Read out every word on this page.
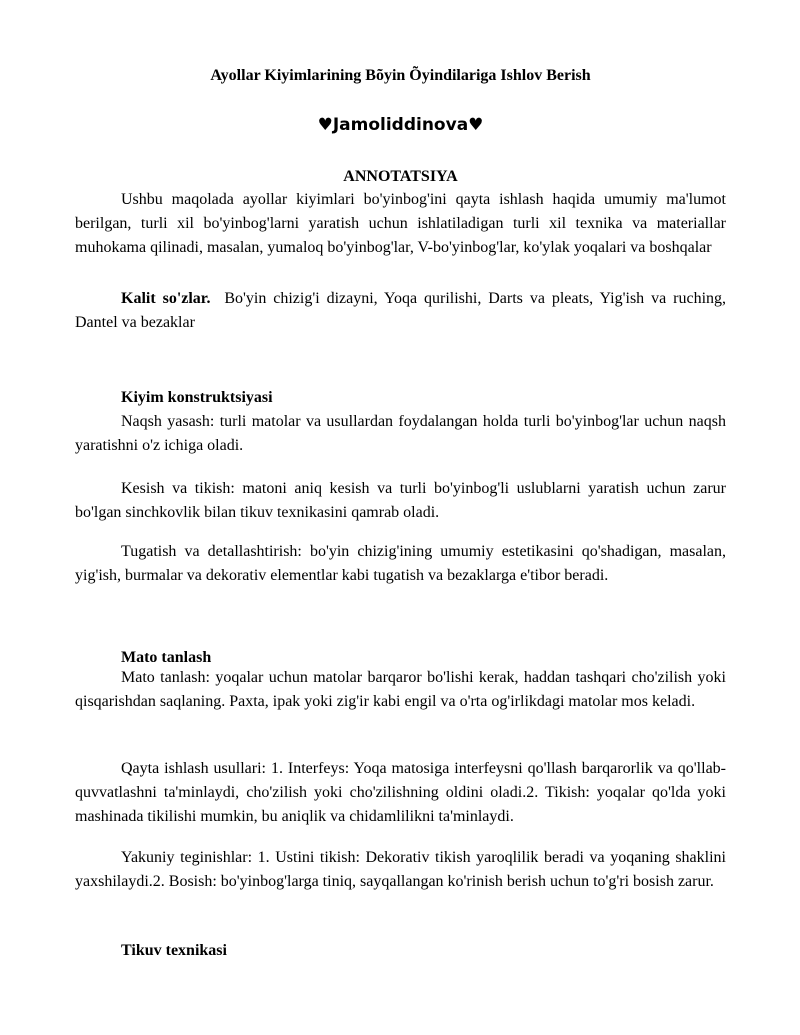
Ayollar Kiyimlarining Bõyin Õyindilariga Ishlov Berish
♥Jamoliddinova♥
ANNOTATSIYA

Ushbu maqolada ayollar kiyimlari bo'yinbog'ini qayta ishlash haqida umumiy ma'lumot berilgan, turli xil bo'yinbog'larni yaratish uchun ishlatiladigan turli xil texnika va materiallar muhokama qilinadi, masalan, yumaloq bo'yinbog'lar, V-bo'yinbog'lar, ko'ylak yoqalari va boshqalar

Kalit so'zlar. Bo'yin chizig'i dizayni, Yoqa qurilishi, Darts va pleats, Yig'ish va ruching, Dantel va bezaklar

Kiyim konstruktsiyasi

Naqsh yasash: turli matolar va usullardan foydalangan holda turli bo'yinbog'lar uchun naqsh yaratishni o'z ichiga oladi.

Kesish va tikish: matoni aniq kesish va turli bo'yinbog'li uslublarni yaratish uchun zarur bo'lgan sinchkovlik bilan tikuv texnikasini qamrab oladi.

Tugatish va detallashtirish: bo'yin chizig'ining umumiy estetikasini qo'shadigan, masalan, yig'ish, burmalar va dekorativ elementlar kabi tugatish va bezaklarga e'tibor beradi.

Mato tanlash

Mato tanlash: yoqalar uchun matolar barqaror bo'lishi kerak, haddan tashqari cho'zilish yoki qisqarishdan saqlaning. Paxta, ipak yoki zig'ir kabi engil va o'rta og'irlikdagi matolar mos keladi.

Qayta ishlash usullari: 1. Interfeys: Yoqa matosiga interfeysni qo'llash barqarorlik va qo'llab-quvvatlashni ta'minlaydi, cho'zilish yoki cho'zilishning oldini oladi.2. Tikish: yoqalar qo'lda yoki mashinada tikilishi mumkin, bu aniqlik va chidamlilikni ta'minlaydi.

Yakuniy teginishlar: 1. Ustini tikish: Dekorativ tikish yaroqlilik beradi va yoqaning shaklini yaxshilaydi.2. Bosish: bo'yinbog'larga tiniq, sayqallangan ko'rinish berish uchun to'g'ri bosish zarur.

Tikuv texnikasi
